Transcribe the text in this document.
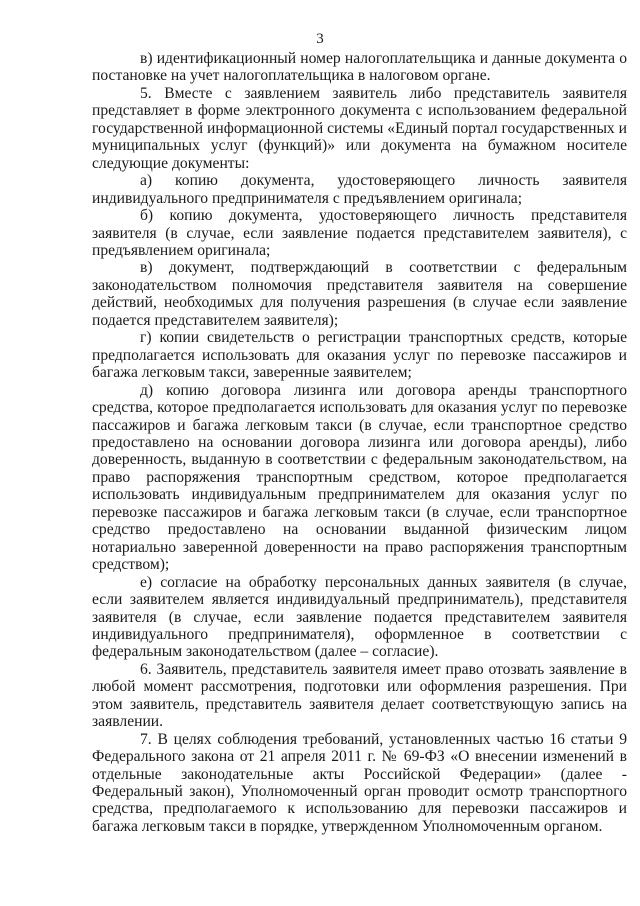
3

в) идентификационный номер налогоплательщика и данные документа о постановке на учет налогоплательщика в налоговом органе.

5. Вместе с заявлением заявитель либо представитель заявителя представляет в форме электронного документа с использованием федеральной государственной информационной системы «Единый портал государственных и муниципальных услуг (функций)» или документа на бумажном носителе следующие документы:

а) копию документа, удостоверяющего личность заявителя индивидуального предпринимателя с предъявлением оригинала;

б) копию документа, удостоверяющего личность представителя заявителя (в случае, если заявление подается представителем заявителя), с предъявлением оригинала;

в) документ, подтверждающий в соответствии с федеральным законодательством полномочия представителя заявителя на совершение действий, необходимых для получения разрешения (в случае если заявление подается представителем заявителя);

г) копии свидетельств о регистрации транспортных средств, которые предполагается использовать для оказания услуг по перевозке пассажиров и багажа легковым такси, заверенные заявителем;

д) копию договора лизинга или договора аренды транспортного средства, которое предполагается использовать для оказания услуг по перевозке пассажиров и багажа легковым такси (в случае, если транспортное средство предоставлено на основании договора лизинга или договора аренды), либо доверенность, выданную в соответствии с федеральным законодательством, на право распоряжения транспортным средством, которое предполагается использовать индивидуальным предпринимателем для оказания услуг по перевозке пассажиров и багажа легковым такси (в случае, если транспортное средство предоставлено на основании выданной физическим лицом нотариально заверенной доверенности на право распоряжения транспортным средством);

е) согласие на обработку персональных данных заявителя (в случае, если заявителем является индивидуальный предприниматель), представителя заявителя (в случае, если заявление подается представителем заявителя индивидуального предпринимателя), оформленное в соответствии с федеральным законодательством (далее – согласие).

6. Заявитель, представитель заявителя имеет право отозвать заявление в любой момент рассмотрения, подготовки или оформления разрешения. При этом заявитель, представитель заявителя делает соответствующую запись на заявлении.

7. В целях соблюдения требований, установленных частью 16 статьи 9 Федерального закона от 21 апреля 2011 г. № 69-ФЗ «О внесении изменений в отдельные законодательные акты Российской Федерации» (далее - Федеральный закон), Уполномоченный орган проводит осмотр транспортного средства, предполагаемого к использованию для перевозки пассажиров и багажа легковым такси в порядке, утвержденном Уполномоченным органом.
